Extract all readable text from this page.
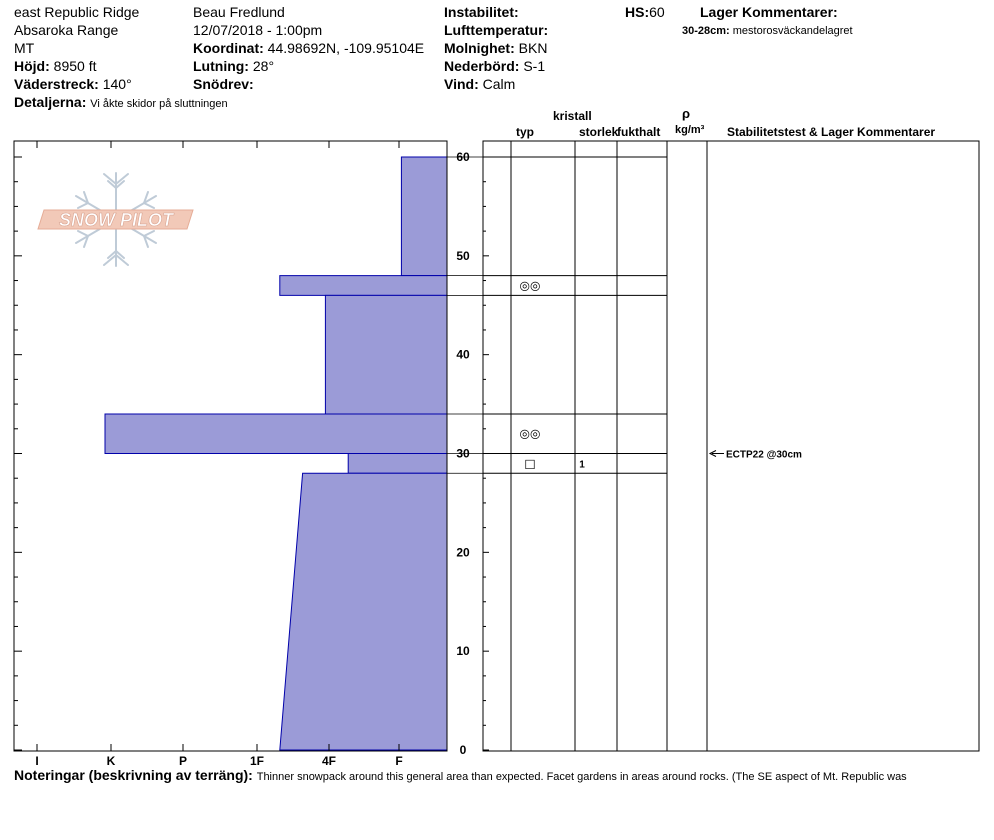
east Republic Ridge
Absaroka Range
MT
Höjd: 8950 ft
Väderstreck: 140°
Detaljerna: Vi åkte skidor på sluttningen
Beau Fredlund
12/07/2018 - 1:00pm
Koordinat: 44.98692N, -109.95104E
Lutning: 28°
Snödrev:
Instabilitet:
Lufttemperatur:
Molnighet: BKN
Nederbörd: S-1
Vind: Calm
HS:60	Lager Kommentarer:
30-28cm: mestorosväckandelagret
kristall
typ	storlek
fukthalt
ρ
kg/m³ Stabilitetstest & Lager Kommentarer
SNOW PILOT
I	K	P	1F	4F	F
0
10
20
30
40
50
60
◎◎
◎◎
□	1
ECTP22 @30cm
Noteringar (beskrivning av terräng): Thinner snowpack around this general area than expected. Facet gardens in areas around rocks. (The SE aspect of Mt. Republic was
